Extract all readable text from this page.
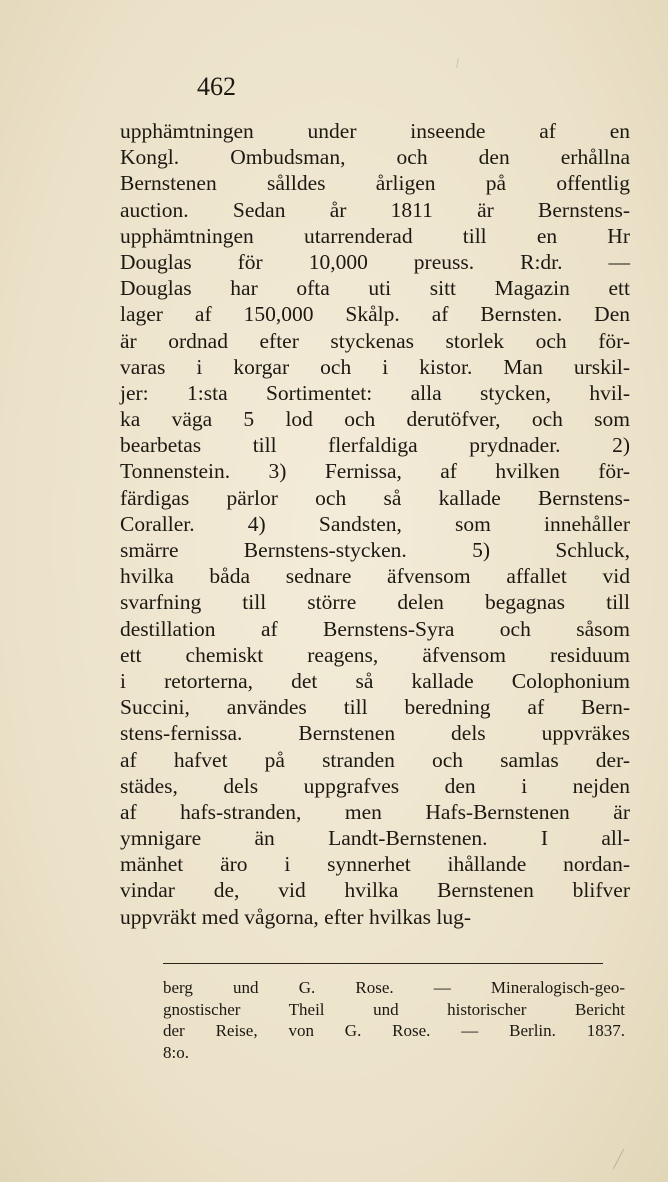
462
upphämtningen under inseende af en
Kongl. Ombudsman, och den erhållna
Bernstenen sålldes årligen på offentlig
auction. Sedan år 1811 är Bernstens-
upphämtningen utarrenderad till en Hr
Douglas för 10,000 preuss. R:dr. —
Douglas har ofta uti sitt Magazin ett
lager af 150,000 Skålp. af Bernsten. Den
är ordnad efter styckenas storlek och för-
varas i korgar och i kistor. Man urskil-
jer: 1:sta Sortimentet: alla stycken, hvil-
ka väga 5 lod och derutöfver, och som
bearbetas till flerfaldiga prydnader. 2)
Tonnenstein. 3) Fernissa, af hvilken för-
färdigas pärlor och så kallade Bernstens-
Coraller. 4) Sandsten, som innehåller
smärre Bernstens-stycken. 5) Schluck,
hvilka båda sednare äfvensom affallet vid
svarfning till större delen begagnas till
destillation af Bernstens-Syra och såsom
ett chemiskt reagens, äfvensom residuum
i retorterna, det så kallade Colophonium
Succini, användes till beredning af Bern-
stens-fernissa. Bernstenen dels uppvräkes
af hafvet på stranden och samlas der-
städes, dels uppgrafves den i nejden
af hafs-stranden, men Hafs-Bernstenen är
ymnigare än Landt-Bernstenen. I all-
mänhet äro i synnerhet ihållande nordan-
vindar de, vid hvilka Bernstenen blifver
uppvräkt med vågorna, efter hvilkas lug-
berg und G. Rose. — Mineralogisch-geo-
gnostischer Theil und historischer Bericht
der Reise, von G. Rose. — Berlin. 1837.
8:o.
